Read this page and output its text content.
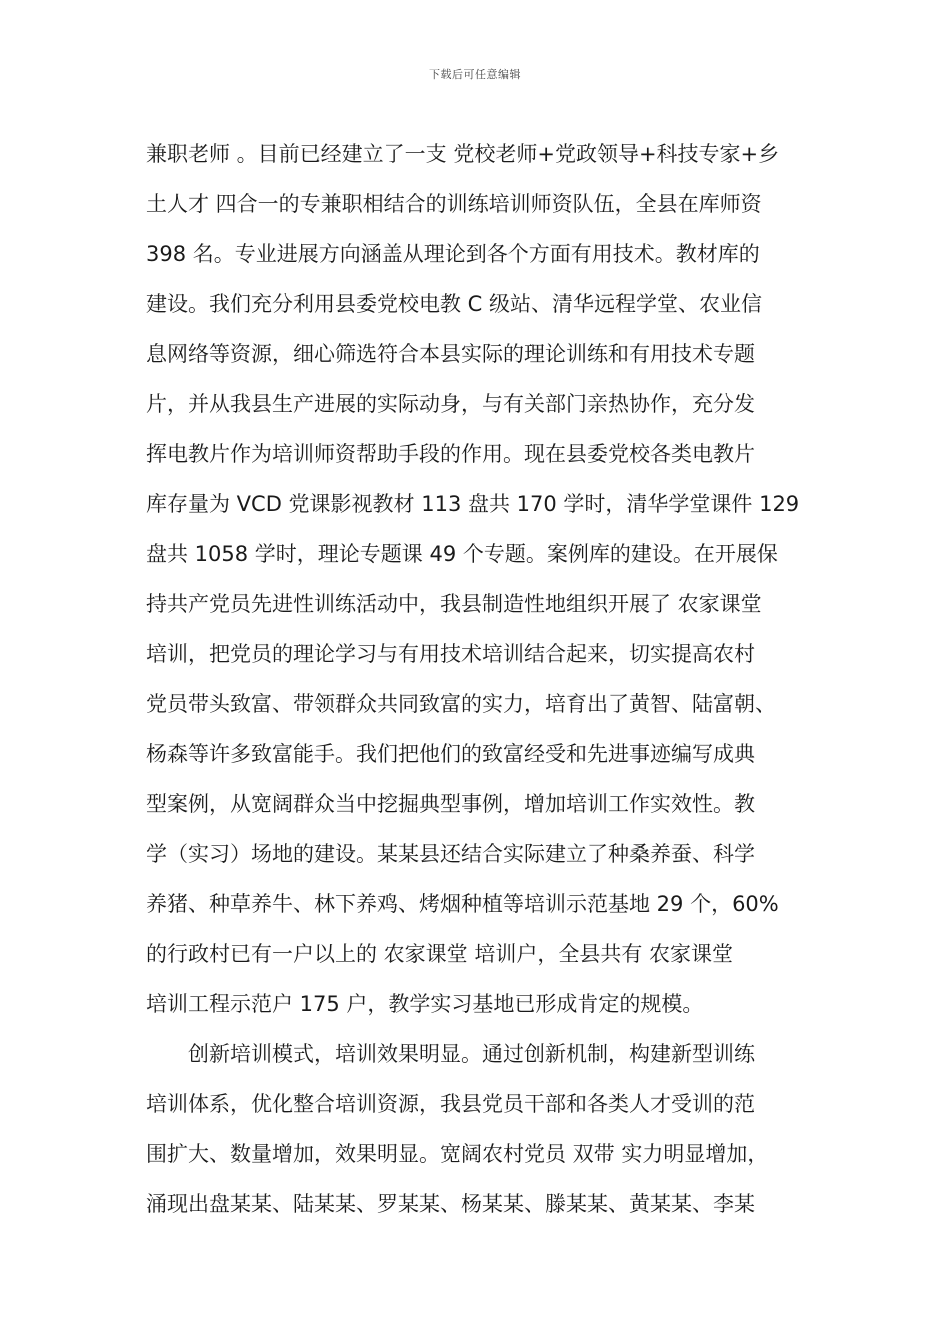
下载后可任意编辑
兼职老师 。目前已经建立了一支 党校老师+党政领导+科技专家+乡
土人才 四合一的专兼职相结合的训练培训师资队伍，全县在库师资
398 名。专业进展方向涵盖从理论到各个方面有用技术。教材库的
建设。我们充分利用县委党校电教 C 级站、清华远程学堂、农业信
息网络等资源，细心筛选符合本县实际的理论训练和有用技术专题
片，并从我县生产进展的实际动身，与有关部门亲热协作，充分发
挥电教片作为培训师资帮助手段的作用。现在县委党校各类电教片
库存量为 VCD 党课影视教材 113 盘共 170 学时，清华学堂课件 129
盘共 1058 学时，理论专题课 49 个专题。案例库的建设。在开展保
持共产党员先进性训练活动中，我县制造性地组织开展了 农家课堂
培训，把党员的理论学习与有用技术培训结合起来，切实提高农村
党员带头致富、带领群众共同致富的实力，培育出了黄智、陆富朝、
杨森等许多致富能手。我们把他们的致富经受和先进事迹编写成典
型案例，从宽阔群众当中挖掘典型事例，增加培训工作实效性。教
学（实习）场地的建设。某某县还结合实际建立了种桑养蚕、科学
养猪、种草养牛、林下养鸡、烤烟种植等培训示范基地 29 个，60%
的行政村已有一户以上的 农家课堂 培训户，全县共有 农家课堂
培训工程示范户 175 户，教学实习基地已形成肯定的规模。
创新培训模式，培训效果明显。通过创新机制，构建新型训练
培训体系，优化整合培训资源，我县党员干部和各类人才受训的范
围扩大、数量增加，效果明显。宽阔农村党员 双带 实力明显增加，
涌现出盘某某、陆某某、罗某某、杨某某、滕某某、黄某某、李某
